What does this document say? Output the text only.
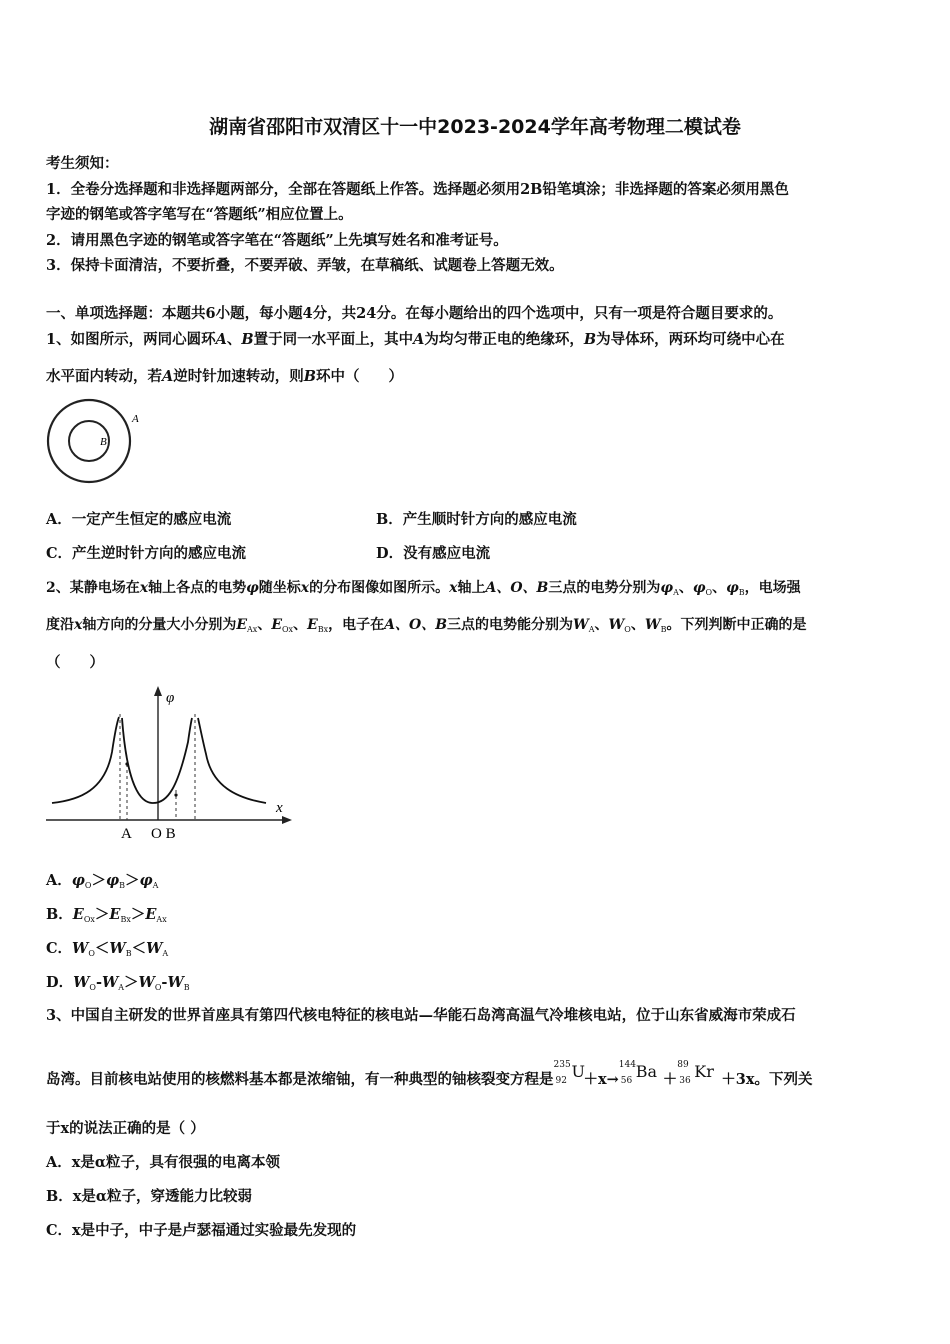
湖南省邵阳市双清区十一中2023-2024学年高考物理二模试卷
考生须知：
1．全卷分选择题和非选择题两部分，全部在答题纸上作答。选择题必须用2B铅笔填涂；非选择题的答案必须用黑色
字迹的钢笔或答字笔写在“答题纸”相应位置上。
2．请用黑色字迹的钢笔或答字笔在“答题纸”上先填写姓名和准考证号。
3．保持卡面清洁，不要折叠，不要弄破、弄皱，在草稿纸、试题卷上答题无效。
一、单项选择题：本题共6小题，每小题4分，共24分。在每小题给出的四个选项中，只有一项是符合题目要求的。
1、如图所示，两同心圆环A、B置于同一水平面上，其中A为均匀带正电的绝缘环，B为导体环，两环均可绕中心在
水平面内转动，若A逆时针加速转动，则B环中（　　）
A
B
A．一定产生恒定的感应电流	B．产生顺时针方向的感应电流
C．产生逆时针方向的感应电流	D．没有感应电流
2、某静电场在x轴上各点的电势φ随坐标x的分布图像如图所示。x轴上A、O、B三点的电势分别为$\varphi_A$、$\varphi_O$、$\varphi_B$，电场强
度沿x轴方向的分量大小分别为$E_{Ax}$、$E_{Ox}$、$E_{Bx}$，电子在A、O、B三点的电势能分别为$W_A$、$W_O$、$W_B$。下列判断中正确的是
（　　）
φ
x
A O B
A．$\varphi_O>\varphi_B>\varphi_A$
B．$E_{Ox}>E_{Bx}>E_{Ax}$
C．$W_O<W_B<W_A$
D．$W_O-W_A>W_O-W_B$
3、中国自主研发的世界首座具有第四代核电特征的核电站—华能石岛湾高温气冷堆核电站，位于山东省威海市荣成石
岛湾。目前核电站使用的核燃料基本都是浓缩铀，有一种典型的铀核裂变方程是
235
92 U
＋x→
144
56 Ba ＋
89
36 Kr ＋3x。下列关
于x的说法正确的是（ ）
A．x是α粒子，具有很强的电离本领
B．x是α粒子，穿透能力比较弱
C．x是中子，中子是卢瑟福通过实验最先发现的
